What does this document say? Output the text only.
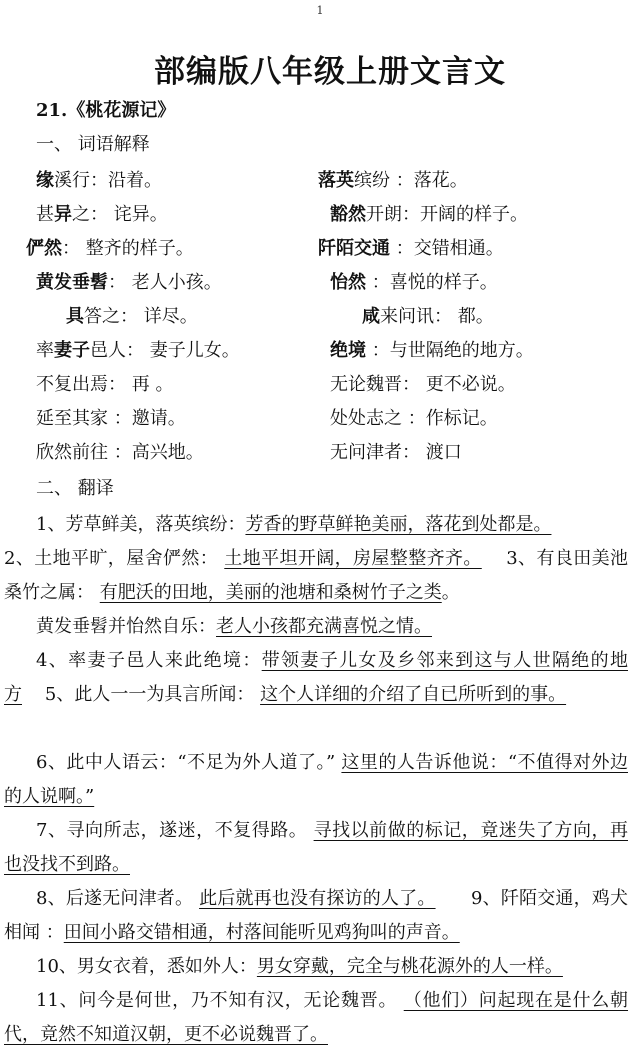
1
部编版八年级上册文言文
21.《桃花源记》
一、 词语解释
缘溪行：沿着。	落英缤纷 ：落花。
甚异之： 诧异。	豁然开朗：开阔的样子。
俨然： 整齐的样子。	阡陌交通 ：交错相通。
黄发垂髫： 老人小孩。	怡然 ：喜悦的样子。
具答之： 详尽。	咸来问讯： 都。
率妻子邑人： 妻子儿女。	绝境 ：与世隔绝的地方。
不复出焉： 再 。	无论魏晋： 更不必说。
延至其家 ：邀请。	处处志之 ：作标记。
欣然前往 ：高兴地。	无问津者： 渡口
二、 翻译
1、芳草鲜美，落英缤纷：芳香的野草鲜艳美丽，落花到处都是。
2、土地平旷，屋舍俨然： 土地平坦开阔，房屋整整齐齐。 3、有良田美池桑竹之属： 有肥沃的田地，美丽的池塘和桑树竹子之类。
黄发垂髫并怡然自乐：老人小孩都充满喜悦之情。
4、率妻子邑人来此绝境：带领妻子儿女及乡邻来到这与人世隔绝的地方 5、此人一一为具言所闻： 这个人详细的介绍了自已所听到的事。
6、此中人语云：“不足为外人道了。” 这里的人告诉他说：“不值得对外边的人说啊。”
7、寻向所志，遂迷，不复得路。 寻找以前做的标记，竟迷失了方向，再也没找不到路。
8、后遂无问津者。 此后就再也没有探访的人了。 9、阡陌交通，鸡犬相闻 ：田间小路交错相通，村落间能听见鸡狗叫的声音。
10、男女衣着，悉如外人：男女穿戴，完全与桃花源外的人一样。
11、问今是何世，乃不知有汉，无论魏晋。 （他们）问起现在是什么朝代，竟然不知道汉朝，更不必说魏晋了。
